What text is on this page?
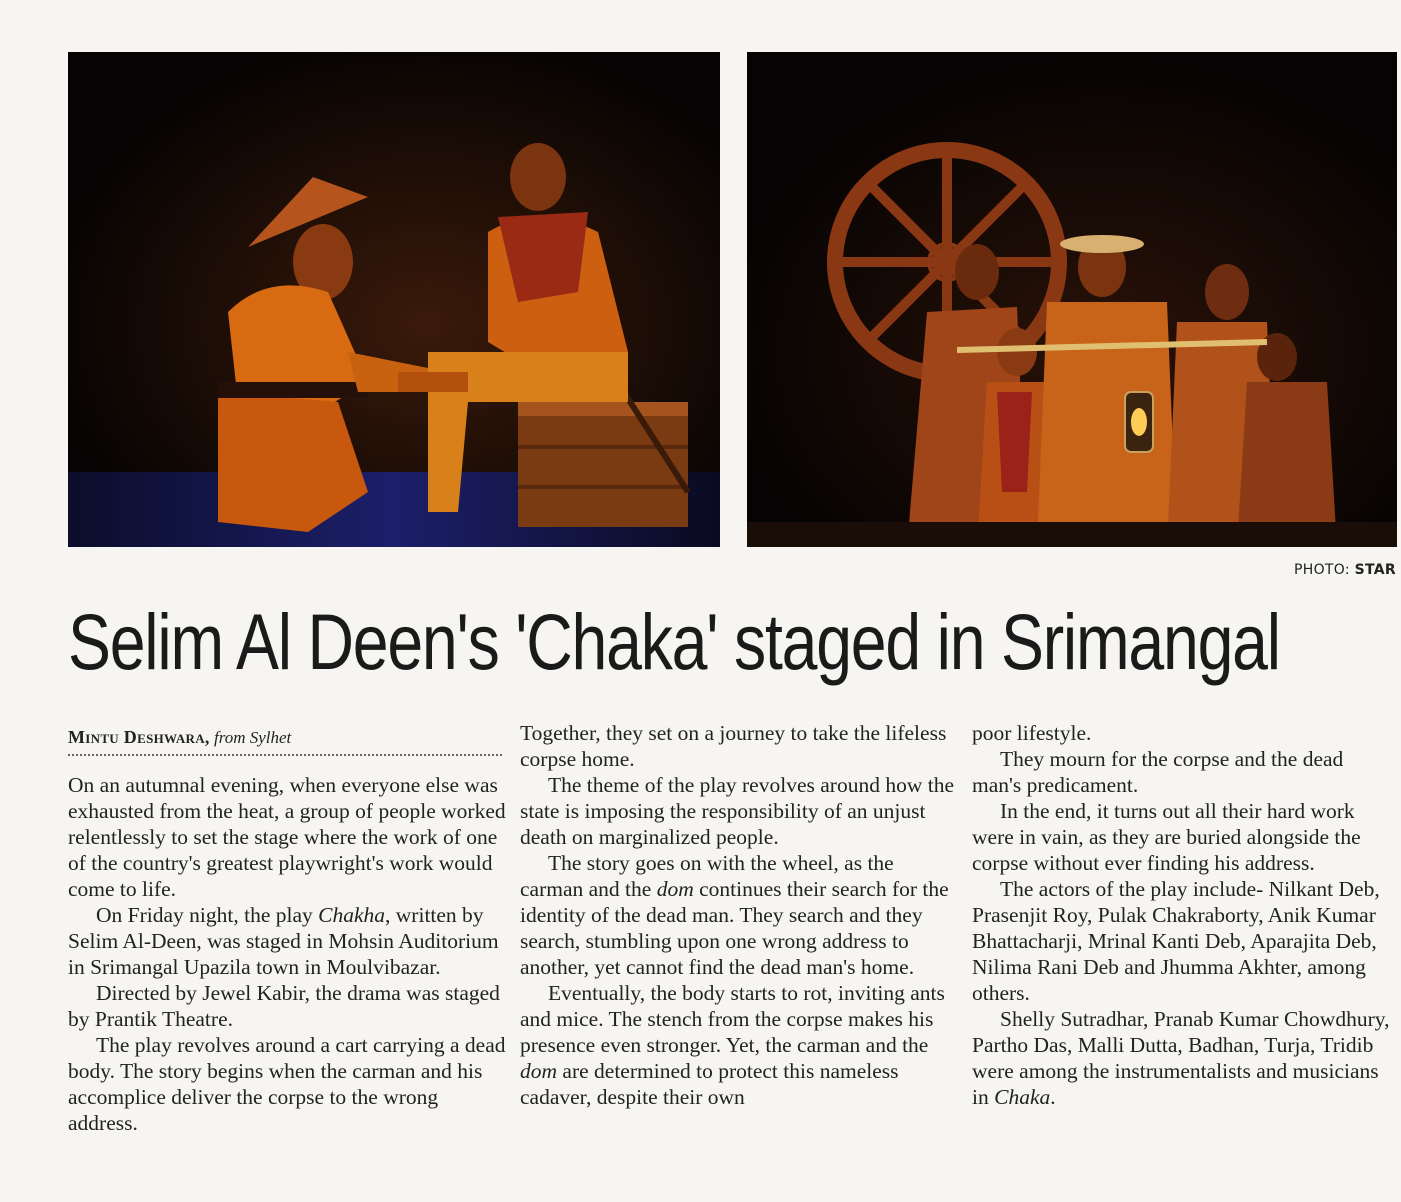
PHOTO: STAR
Selim Al Deen's 'Chaka' staged in Srimangal
Mintu Deshwara, from Sylhet

On an autumnal evening, when everyone else was exhausted from the heat, a group of people worked relentlessly to set the stage where the work of one of the country's greatest playwright's work would come to life.

On Friday night, the play Chakha, written by Selim Al-Deen, was staged in Mohsin Auditorium in Srimangal Upazila town in Moulvibazar.

Directed by Jewel Kabir, the drama was staged by Prantik Theatre.

The play revolves around a cart carrying a dead body. The story begins when the carman and his accomplice deliver the corpse to the wrong address.

Together, they set on a journey to take the lifeless corpse home.

The theme of the play revolves around how the state is imposing the responsibility of an unjust death on marginalized people.

The story goes on with the wheel, as the carman and the dom continues their search for the identity of the dead man. They search and they search, stumbling upon one wrong address to another, yet cannot find the dead man's home.

Eventually, the body starts to rot, inviting ants and mice. The stench from the corpse makes his presence even stronger. Yet, the carman and the dom are determined to protect this nameless cadaver, despite their own

poor lifestyle.

They mourn for the corpse and the dead man's predicament.

In the end, it turns out all their hard work were in vain, as they are buried alongside the corpse without ever finding his address.

The actors of the play include- Nilkant Deb, Prasenjit Roy, Pulak Chakraborty, Anik Kumar Bhattacharji, Mrinal Kanti Deb, Aparajita Deb, Nilima Rani Deb and Jhumma Akhter, among others.

Shelly Sutradhar, Pranab Kumar Chowdhury, Partho Das, Malli Dutta, Badhan, Turja, Tridib were among the instrumentalists and musicians in Chaka.
